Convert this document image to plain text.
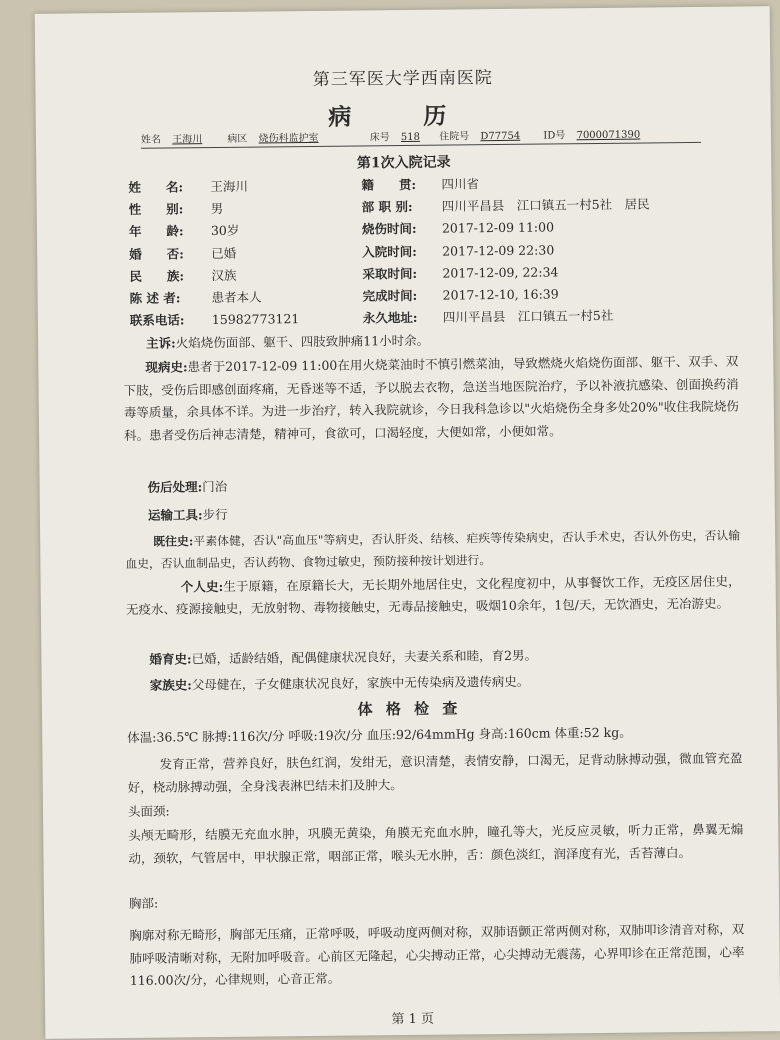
第三军医大学西南医院
病 历
姓名 王海川	病区 烧伤科监护室	床号 518 住院号 D77754 ID号 7000071390
第1次入院记录
姓　　名: 王海川
性　　别: 男
年　　龄: 30岁
婚　　否: 已婚
民　　族: 汉族
陈 述 者: 患者本人
联系电话: 15982773121
籍　　贯: 四川省
部 职 别: 四川平昌县　江口镇五一村5社　居民
烧伤时间: 2017-12-09 11:00
入院时间: 2017-12-09 22:30
采取时间: 2017-12-09, 22:34
完成时间: 2017-12-10, 16:39
永久地址: 四川平昌县　江口镇五一村5社
主诉:火焰烧伤面部、躯干、四肢致肿痛11小时余。
现病史:患者于2017-12-09 11:00在用火烧菜油时不慎引燃菜油，导致燃烧火焰烧伤面部、躯干、双手、双下肢，受伤后即感创面疼痛，无昏迷等不适，予以脱去衣物，急送当地医院治疗，予以补液抗感染、创面换药消毒等质量，余具体不详。为进一步治疗，转入我院就诊，今日我科急诊以"火焰烧伤全身多处20%"收住我院烧伤科。患者受伤后神志清楚，精神可，食欲可，口渴轻度，大便如常，小便如常。
伤后处理:门治
运输工具:步行
既往史:平素体健，否认"高血压"等病史，否认肝炎、结核、疟疾等传染病史，否认手术史，否认外伤史，否认输血史，否认血制品史，否认药物、食物过敏史，预防接种按计划进行。
个人史:生于原籍，在原籍长大，无长期外地居住史，文化程度初中，从事餐饮工作，无疫区居住史，无疫水、疫源接触史，无放射物、毒物接触史，无毒品接触史，吸烟10余年，1包/天，无饮酒史，无冶游史。
婚育史:已婚，适龄结婚，配偶健康状况良好，夫妻关系和睦，育2男。
家族史:父母健在，子女健康状况良好，家族中无传染病及遗传病史。
体 格 检 查
体温:36.5℃ 脉搏:116次/分 呼吸:19次/分 血压:92/64mmHg 身高:160cm 体重:52 kg。
发育正常，营养良好，肤色红润，发绀无，意识清楚，表情安静，口渴无，足背动脉搏动强，微血管充盈好，桡动脉搏动强，全身浅表淋巴结未扪及肿大。
头面颈:
头颅无畸形，结膜无充血水肿，巩膜无黄染，角膜无充血水肿，瞳孔等大，光反应灵敏，听力正常，鼻翼无煽动，颈软，气管居中，甲状腺正常，咽部正常，喉头无水肿，舌：颜色淡红，润泽度有光，舌苔薄白。
胸部:
胸廓对称无畸形，胸部无压痛，正常呼吸，呼吸动度两侧对称，双肺语颤正常两侧对称，双肺叩诊清音对称，双肺呼吸清晰对称，无附加呼吸音。心前区无隆起，心尖搏动正常，心尖搏动无震荡，心界叩诊在正常范围，心率116.00次/分，心律规则，心音正常。
第 1 页
